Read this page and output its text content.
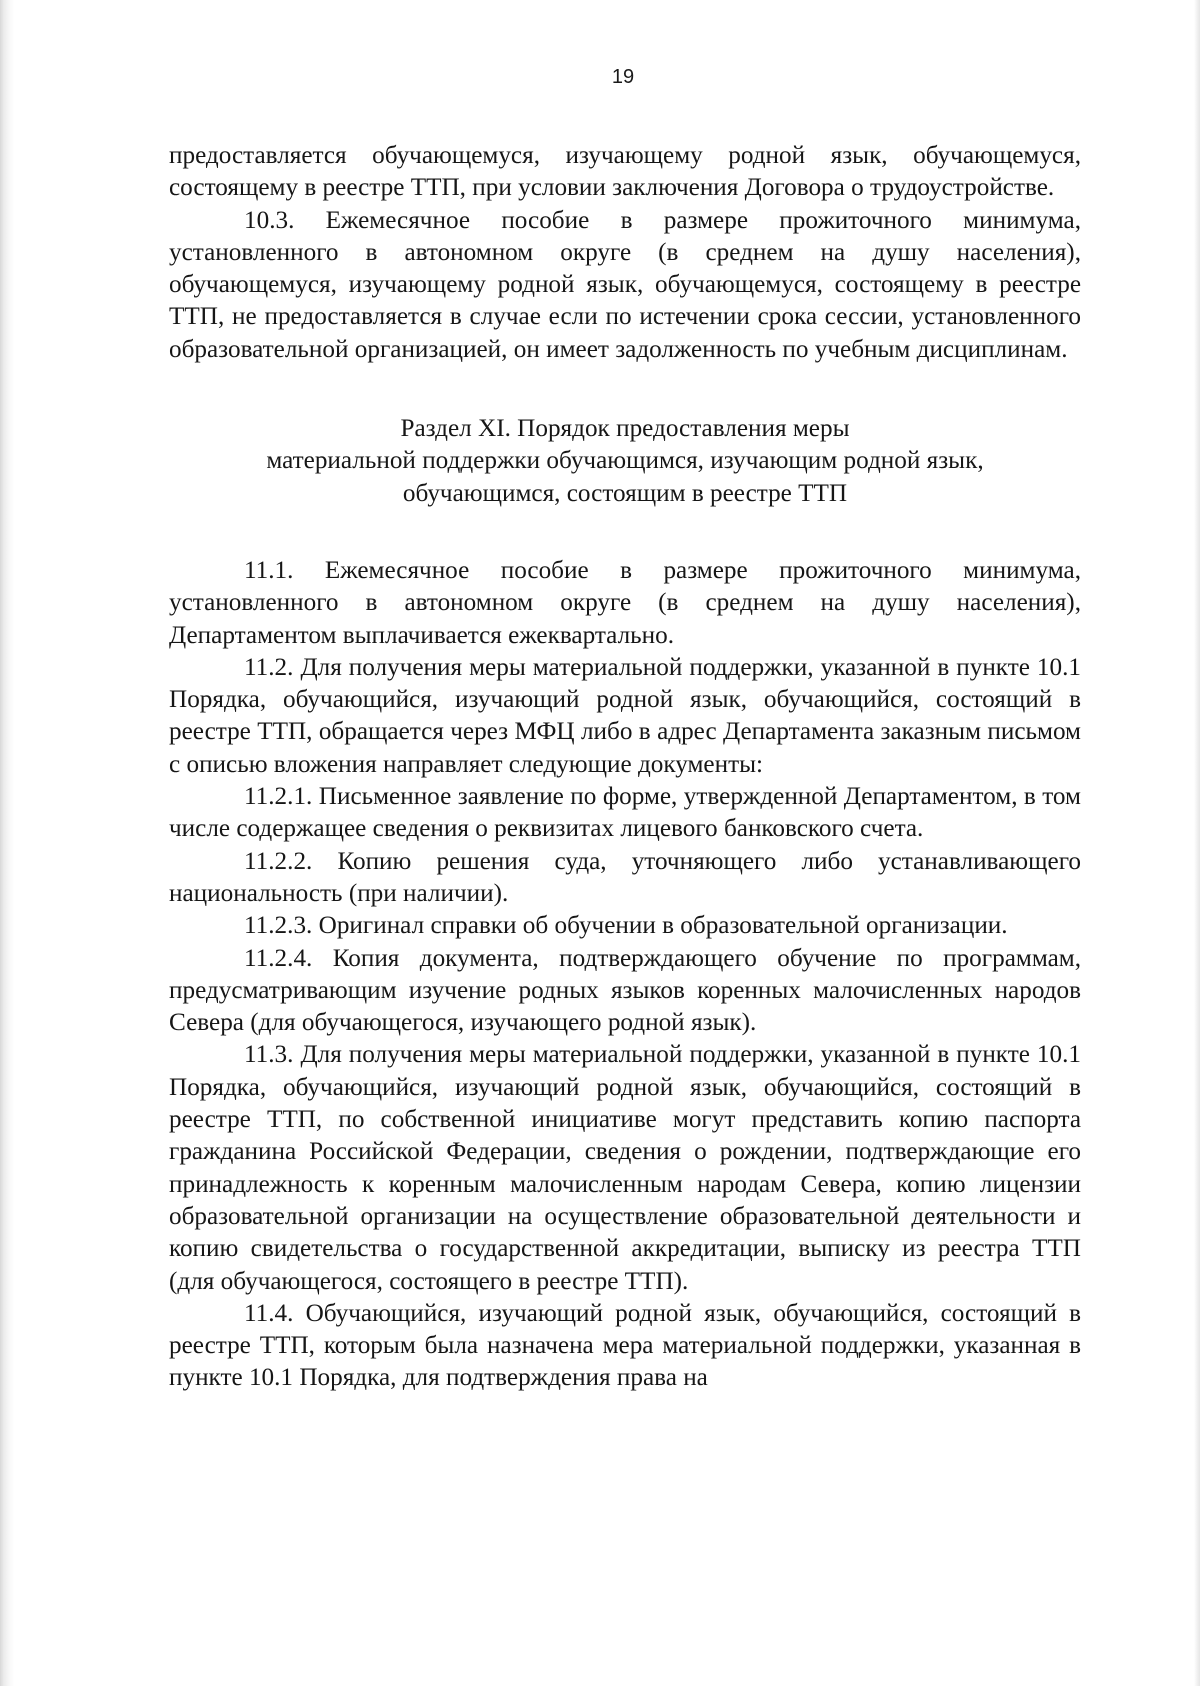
19

предоставляется обучающемуся, изучающему родной язык, обучающемуся, состоящему в реестре ТТП, при условии заключения Договора о трудоустройстве.

10.3. Ежемесячное пособие в размере прожиточного минимума, установленного в автономном округе (в среднем на душу населения), обучающемуся, изучающему родной язык, обучающемуся, состоящему в реестре ТТП, не предоставляется в случае если по истечении срока сессии, установленного образовательной организацией, он имеет задолженность по учебным дисциплинам.

Раздел XI. Порядок предоставления меры
материальной поддержки обучающимся, изучающим родной язык,
обучающимся, состоящим в реестре ТТП

11.1. Ежемесячное пособие в размере прожиточного минимума, установленного в автономном округе (в среднем на душу населения), Департаментом выплачивается ежеквартально.

11.2. Для получения меры материальной поддержки, указанной в пункте 10.1 Порядка, обучающийся, изучающий родной язык, обучающийся, состоящий в реестре ТТП, обращается через МФЦ либо в адрес Департамента заказным письмом с описью вложения направляет следующие документы:

11.2.1. Письменное заявление по форме, утвержденной Департаментом, в том числе содержащее сведения о реквизитах лицевого банковского счета.

11.2.2. Копию решения суда, уточняющего либо устанавливающего национальность (при наличии).

11.2.3. Оригинал справки об обучении в образовательной организации.

11.2.4. Копия документа, подтверждающего обучение по программам, предусматривающим изучение родных языков коренных малочисленных народов Севера (для обучающегося, изучающего родной язык).

11.3. Для получения меры материальной поддержки, указанной в пункте 10.1 Порядка, обучающийся, изучающий родной язык, обучающийся, состоящий в реестре ТТП, по собственной инициативе могут представить копию паспорта гражданина Российской Федерации, сведения о рождении, подтверждающие его принадлежность к коренным малочисленным народам Севера, копию лицензии образовательной организации на осуществление образовательной деятельности и копию свидетельства о государственной аккредитации, выписку из реестра ТТП (для обучающегося, состоящего в реестре ТТП).

11.4. Обучающийся, изучающий родной язык, обучающийся, состоящий в реестре ТТП, которым была назначена мера материальной поддержки, указанная в пункте 10.1 Порядка, для подтверждения права на
